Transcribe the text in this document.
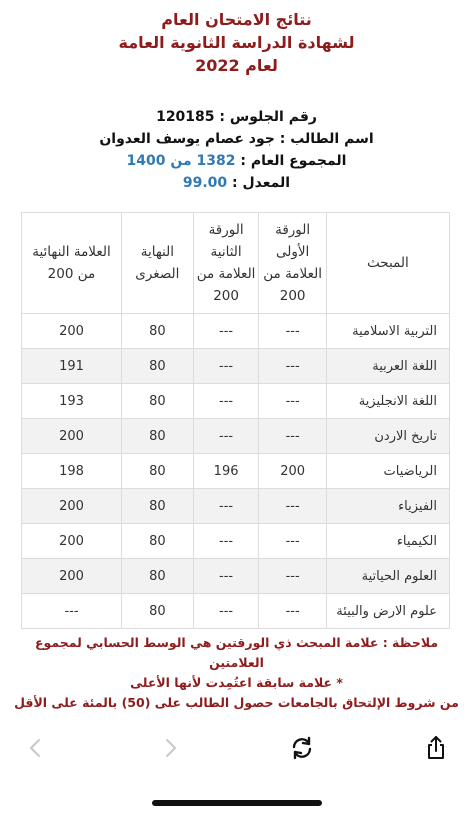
نتائج الامتحان العام
لشهادة الدراسة الثانوية العامة
لعام 2022
رقم الجلوس : 120185
اسم الطالب : جود عصام يوسف العدوان
المجموع العام : 1382 من 1400
المعدل : 99.00
المبحث	الورقة الأولى العلامة من 200	الورقة الثانية العلامة من 200	النهاية الصغرى	العلامة النهائية من 200
التربية الاسلامية	---	---	80	200
اللغة العربية	---	---	80	191
اللغة الانجليزية	---	---	80	193
تاريخ الاردن	---	---	80	200
الرياضيات	200	196	80	198
الفيزياء	---	---	80	200
الكيمياء	---	---	80	200
العلوم الحياتية	---	---	80	200
علوم الارض والبيئة	---	---	80	---
ملاحظة : علامة المبحث ذي الورقتين هي الوسط الحسابي لمجموع
العلامتين
* علامة سابقة اعتُمِدت لأنها الأعلى
من شروط الإلتحاق بالجامعات حصول الطالب على (50) بالمئة على الأقل
